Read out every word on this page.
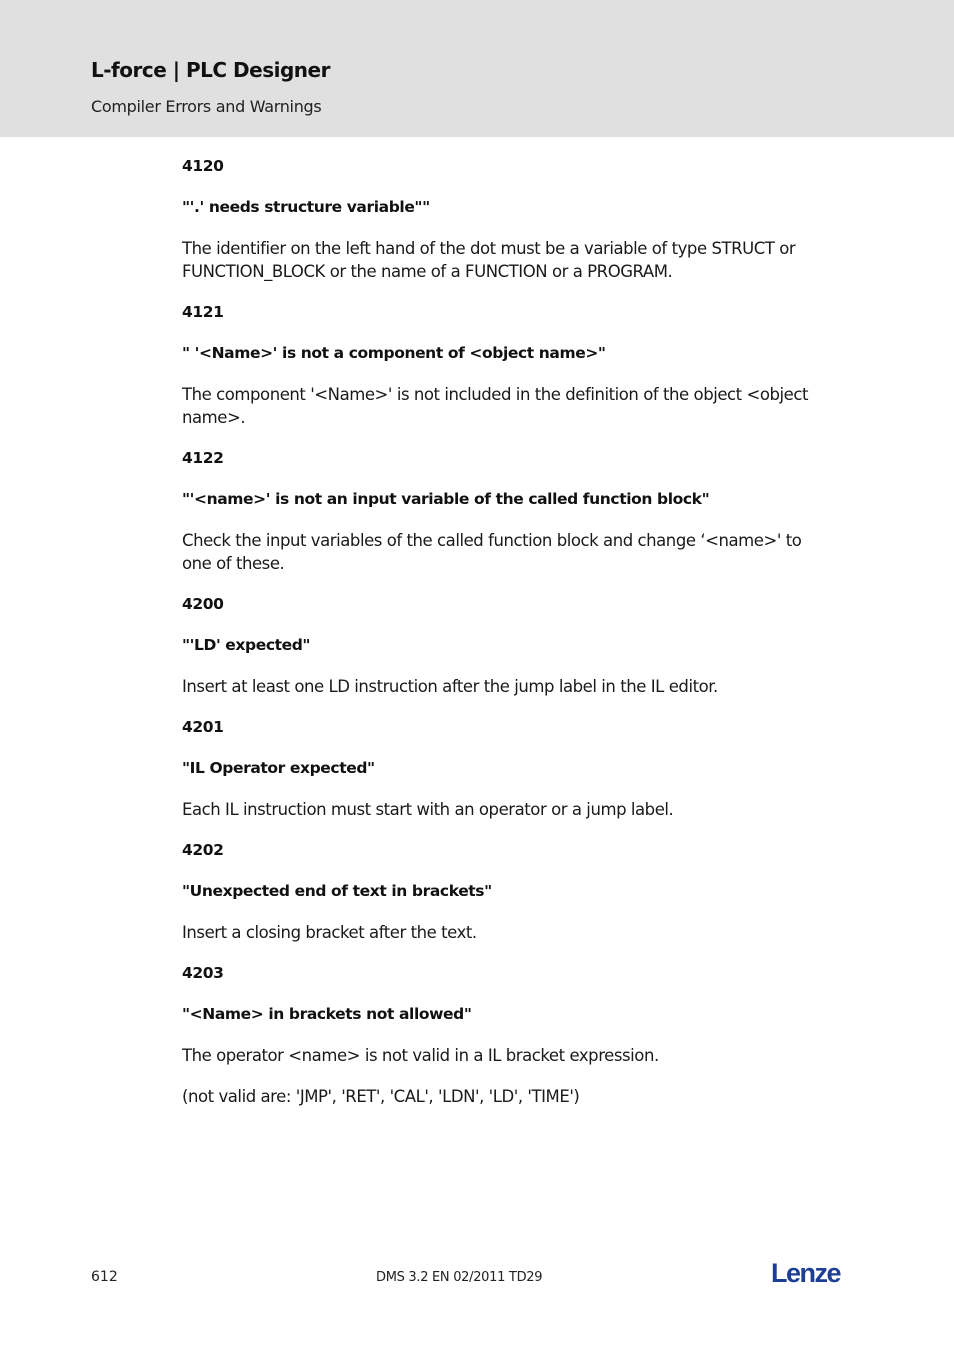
L-force | PLC Designer
Compiler Errors and Warnings

4120

"'.' needs structure variable""

The identifier on the left hand of the dot must be a variable of type STRUCT or FUNCTION_BLOCK or the name of a FUNCTION or a PROGRAM.

4121

" '<Name>' is not a component of <object name>"

The component '<Name>' is not included in the definition of the object <object name>.

4122

"'<name>' is not an input variable of the called function block"

Check the input variables of the called function block and change ‘<name>' to one of these.

4200

"'LD' expected"

Insert at least one LD instruction after the jump label in the IL editor.

4201

"IL Operator expected"

Each IL instruction must start with an operator or a jump label.

4202

"Unexpected end of text in brackets"

Insert a closing bracket after the text.

4203

"<Name> in brackets not allowed"

The operator <name> is not valid in a IL bracket expression.

(not valid are: 'JMP', 'RET', 'CAL', 'LDN', 'LD', 'TIME')

612	DMS 3.2 EN 02/2011 TD29	Lenze
